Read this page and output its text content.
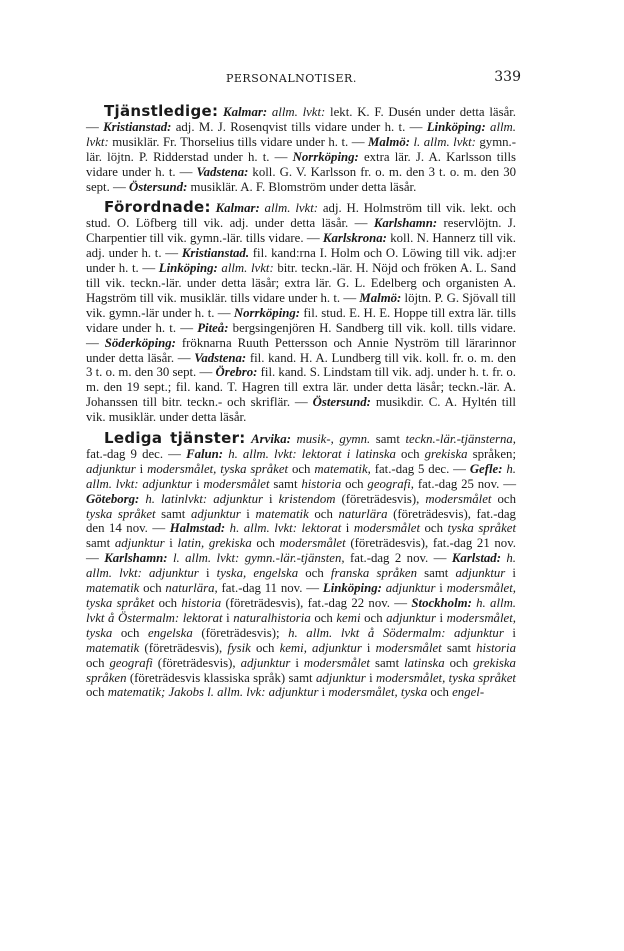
PERSONALNOTISER.	339

Tjänstledige: Kalmar: allm. lvkt: lekt. K. F. Dusén under detta läsår. — Kristianstad: adj. M. J. Rosenqvist tills vidare under h. t. — Linköping: allm. lvkt: musiklär. Fr. Thorselius tills vidare under h. t. — Malmö: l. allm. lvkt: gymn.-lär. löjtn. P. Ridderstad under h. t. — Norrköping: extra lär. J. A. Karlsson tills vidare under h. t. — Vadstena: koll. G. V. Karlsson fr. o. m. den 3 t. o. m. den 30 sept. — Östersund: musiklär. A. F. Blomström under detta läsår.

Förordnade: Kalmar: allm. lvkt: adj. H. Holmström till vik. lekt. och stud. O. Löfberg till vik. adj. under detta läsår. — Karlshamn: reservlöjtn. J. Charpentier till vik. gymn.-lär. tills vidare. — Karlskrona: koll. N. Hannerz till vik. adj. under h. t. — Kristianstad. fil. kand:rna I. Holm och O. Löwing till vik. adj:er under h. t. — Linköping: allm. lvkt: bitr. teckn.-lär. H. Nöjd och fröken A. L. Sand till vik. teckn.-lär. under detta läsår; extra lär. G. L. Edelberg och organisten A. Hagström till vik. musiklär. tills vidare under h. t. — Malmö: löjtn. P. G. Sjövall till vik. gymn.-lär under h. t. — Norrköping: fil. stud. E. H. E. Hoppe till extra lär. tills vidare under h. t. — Piteå: bergsingenjören H. Sandberg till vik. koll. tills vidare. — Söderköping: fröknarna Ruuth Pettersson och Annie Nyström till lärarinnor under detta läsår. — Vadstena: fil. kand. H. A. Lundberg till vik. koll. fr. o. m. den 3 t. o. m. den 30 sept. — Örebro: fil. kand. S. Lindstam till vik. adj. under h. t. fr. o. m. den 19 sept.; fil. kand. T. Hagren till extra lär. under detta läsår; teckn.-lär. A. Johanssen till bitr. teckn.- och skriflär. — Östersund: musikdir. C. A. Hyltén till vik. musiklär. under detta läsår.

Lediga tjänster: Arvika: musik-, gymn. samt teckn.-lär.-tjänsterna, fat.-dag 9 dec. — Falun: h. allm. lvkt: lektorat i latinska och grekiska språken; adjunktur i modersmålet, tyska språket och matematik, fat.-dag 5 dec. — Gefle: h. allm. lvkt: adjunktur i modersmålet samt historia och geografi, fat.-dag 25 nov. — Göteborg: h. latinlvkt: adjunktur i kristendom (företrädesvis), modersmålet och tyska språket samt adjunktur i matematik och naturlära (företrädesvis), fat.-dag den 14 nov. — Halmstad: h. allm. lvkt: lektorat i modersmålet och tyska språket samt adjunktur i latin, grekiska och modersmålet (företrädesvis), fat.-dag 21 nov. — Karlshamn: l. allm. lvkt: gymn.-lär.-tjänsten, fat.-dag 2 nov. — Karlstad: h. allm. lvkt: adjunktur i tyska, engelska och franska språken samt adjunktur i matematik och naturlära, fat.-dag 11 nov. — Linköping: adjunktur i modersmålet, tyska språket och historia (företrädesvis), fat.-dag 22 nov. — Stockholm: h. allm. lvkt å Östermalm: lektorat i naturalhistoria och kemi och adjunktur i modersmålet, tyska och engelska (företrädesvis); h. allm. lvkt å Södermalm: adjunktur i matematik (företrädesvis), fysik och kemi, adjunktur i modersmålet samt historia och geografi (företrädesvis), adjunktur i modersmålet samt latinska och grekiska språken (företrädesvis klassiska språk) samt adjunktur i modersmålet, tyska språket och matematik; Jakobs l. allm. lvk: adjunktur i modersmålet, tyska och engel-
